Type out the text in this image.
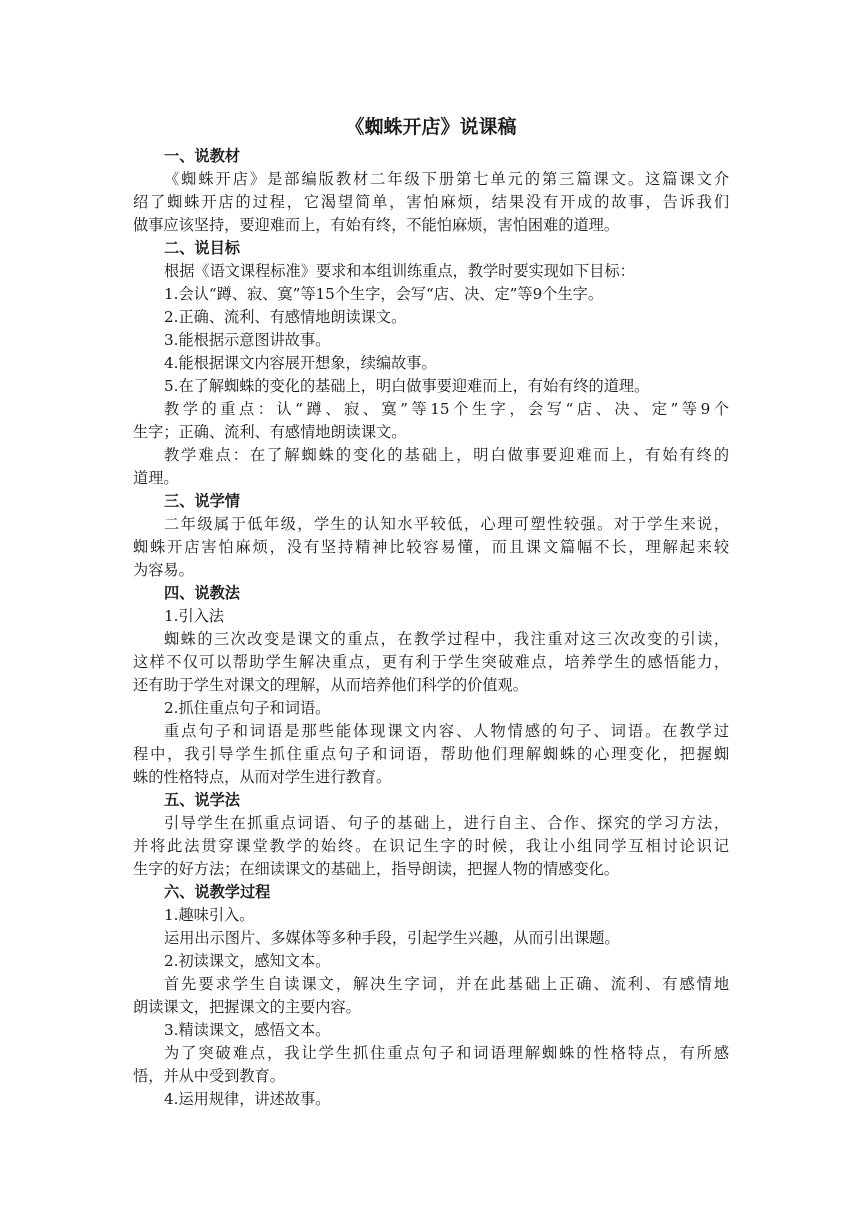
《蜘蛛开店》说课稿

一、说教材

《蜘蛛开店》是部编版教材二年级下册第七单元的第三篇课文。这篇课文介

绍了蜘蛛开店的过程，它渴望简单，害怕麻烦，结果没有开成的故事，告诉我们

做事应该坚持，要迎难而上，有始有终，不能怕麻烦，害怕困难的道理。

二、说目标

根据《语文课程标准》要求和本组训练重点，教学时要实现如下目标：

1.会认“蹲、寂、寞”等15个生字，会写“店、决、定”等9个生字。

2.正确、流利、有感情地朗读课文。

3.能根据示意图讲故事。

4.能根据课文内容展开想象，续编故事。

5.在了解蜘蛛的变化的基础上，明白做事要迎难而上，有始有终的道理。

教学的重点：认“蹲、寂、寞”等15个生字，会写“店、决、定”等9个

生字；正确、流利、有感情地朗读课文。

教学难点：在了解蜘蛛的变化的基础上，明白做事要迎难而上，有始有终的

道理。

三、说学情

二年级属于低年级，学生的认知水平较低，心理可塑性较强。对于学生来说，

蜘蛛开店害怕麻烦，没有坚持精神比较容易懂，而且课文篇幅不长，理解起来较

为容易。

四、说教法

1.引入法

蜘蛛的三次改变是课文的重点，在教学过程中，我注重对这三次改变的引读，

这样不仅可以帮助学生解决重点，更有利于学生突破难点，培养学生的感悟能力，

还有助于学生对课文的理解，从而培养他们科学的价值观。

2.抓住重点句子和词语。

重点句子和词语是那些能体现课文内容、人物情感的句子、词语。在教学过

程中，我引导学生抓住重点句子和词语，帮助他们理解蜘蛛的心理变化，把握蜘

蛛的性格特点，从而对学生进行教育。

五、说学法

引导学生在抓重点词语、句子的基础上，进行自主、合作、探究的学习方法，

并将此法贯穿课堂教学的始终。在识记生字的时候，我让小组同学互相讨论识记

生字的好方法；在细读课文的基础上，指导朗读，把握人物的情感变化。

六、说教学过程

1.趣味引入。

运用出示图片、多媒体等多种手段，引起学生兴趣，从而引出课题。

2.初读课文，感知文本。

首先要求学生自读课文，解决生字词，并在此基础上正确、流利、有感情地

朗读课文，把握课文的主要内容。

3.精读课文，感悟文本。

为了突破难点，我让学生抓住重点句子和词语理解蜘蛛的性格特点，有所感

悟，并从中受到教育。

4.运用规律，讲述故事。
